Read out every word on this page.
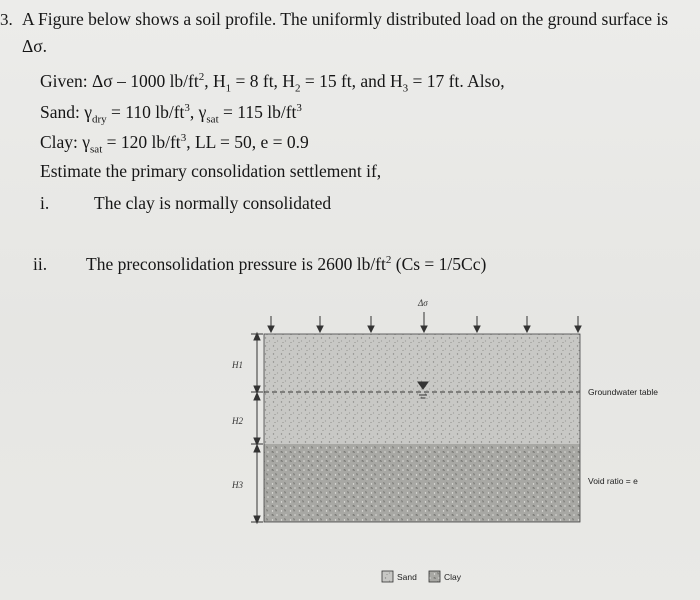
3. A Figure below shows a soil profile. The uniformly distributed load on the ground surface is
Δσ.
Given: Δσ – 1000 $lb/ft^2$, $H_1 = 8$ ft, $H_2 = 15$ ft, and $H_3 = 17$ ft. Also,
Sand: $\gamma_{dry} = 110$ $lb/ft^3$, $\gamma_{sat} = 115$ $lb/ft^3$
Clay: $\gamma_{sat} = 120$ $lb/ft^3$, LL = 50, e = 0.9
Estimate the primary consolidation settlement if,
i.	The clay is normally consolidated
ii. The preconsolidation pressure is 2600 $lb/ft^2$ (Cs = 1/5Cc)
Δσ
Groundwater table
Void ratio = e
H1
H2
H3
Sand	Clay
